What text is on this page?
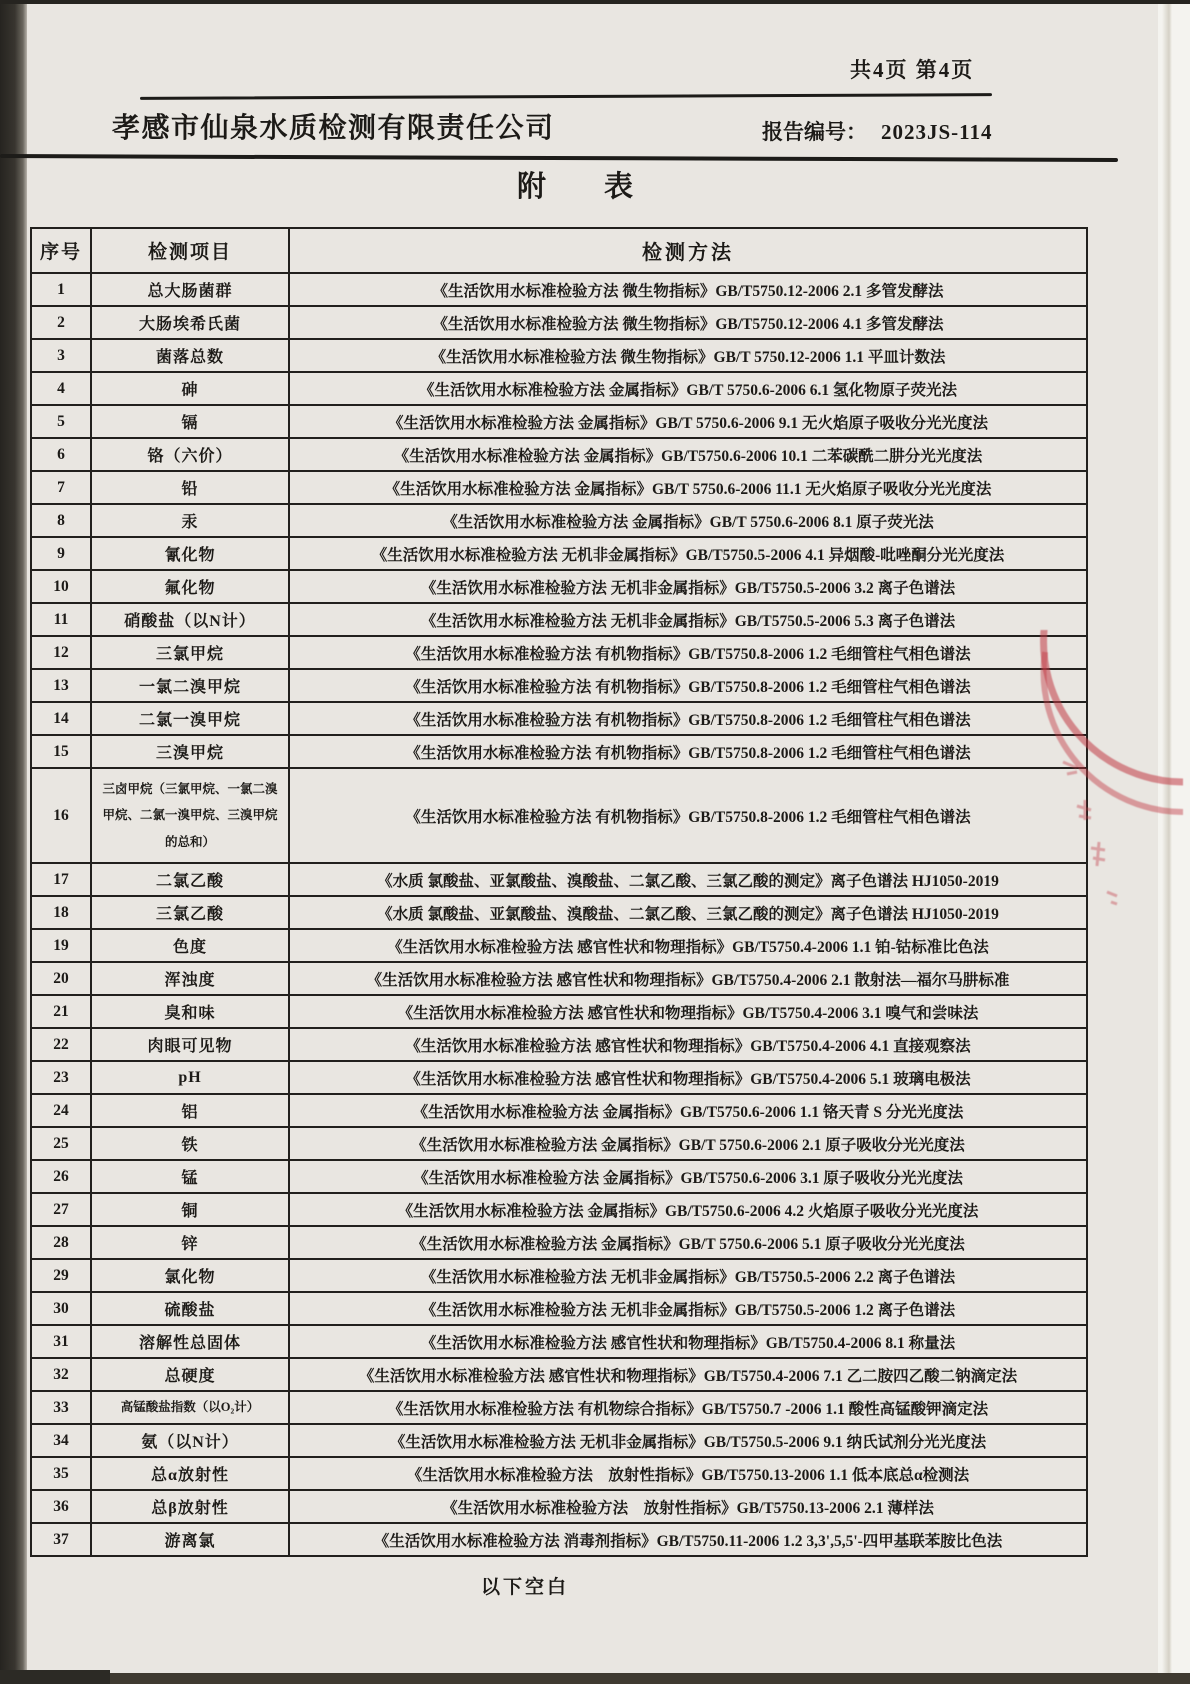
共4页 第4页
孝感市仙泉水质检测有限责任公司	报告编号： 2023JS-114
附　　表
序号	检测项目	检测方法
1	总大肠菌群	《生活饮用水标准检验方法 微生物指标》GB/T5750.12-2006 2.1 多管发酵法
2	大肠埃希氏菌	《生活饮用水标准检验方法 微生物指标》GB/T5750.12-2006 4.1 多管发酵法
3	菌落总数	《生活饮用水标准检验方法 微生物指标》GB/T 5750.12-2006 1.1 平皿计数法
4	砷	《生活饮用水标准检验方法 金属指标》GB/T 5750.6-2006 6.1 氢化物原子荧光法
5	镉	《生活饮用水标准检验方法 金属指标》GB/T 5750.6-2006 9.1 无火焰原子吸收分光光度法
6	铬（六价）	《生活饮用水标准检验方法 金属指标》GB/T5750.6-2006 10.1 二苯碳酰二肼分光光度法
7	铅	《生活饮用水标准检验方法 金属指标》GB/T 5750.6-2006 11.1 无火焰原子吸收分光光度法
8	汞	《生活饮用水标准检验方法 金属指标》GB/T 5750.6-2006 8.1 原子荧光法
9	氰化物	《生活饮用水标准检验方法 无机非金属指标》GB/T5750.5-2006 4.1 异烟酸-吡唑酮分光光度法
10	氟化物	《生活饮用水标准检验方法 无机非金属指标》GB/T5750.5-2006 3.2 离子色谱法
11	硝酸盐（以N计）	《生活饮用水标准检验方法 无机非金属指标》GB/T5750.5-2006 5.3 离子色谱法
12	三氯甲烷	《生活饮用水标准检验方法 有机物指标》GB/T5750.8-2006 1.2 毛细管柱气相色谱法
13	一氯二溴甲烷	《生活饮用水标准检验方法 有机物指标》GB/T5750.8-2006 1.2 毛细管柱气相色谱法
14	二氯一溴甲烷	《生活饮用水标准检验方法 有机物指标》GB/T5750.8-2006 1.2 毛细管柱气相色谱法
15	三溴甲烷	《生活饮用水标准检验方法 有机物指标》GB/T5750.8-2006 1.2 毛细管柱气相色谱法
16	三卤甲烷（三氯甲烷、一氯二溴甲烷、二氯一溴甲烷、三溴甲烷的总和）	《生活饮用水标准检验方法 有机物指标》GB/T5750.8-2006 1.2 毛细管柱气相色谱法
17	二氯乙酸	《水质 氯酸盐、亚氯酸盐、溴酸盐、二氯乙酸、三氯乙酸的测定》离子色谱法 HJ1050-2019
18	三氯乙酸	《水质 氯酸盐、亚氯酸盐、溴酸盐、二氯乙酸、三氯乙酸的测定》离子色谱法 HJ1050-2019
19	色度	《生活饮用水标准检验方法 感官性状和物理指标》GB/T5750.4-2006 1.1 铂-钴标准比色法
20	浑浊度	《生活饮用水标准检验方法 感官性状和物理指标》GB/T5750.4-2006 2.1 散射法—福尔马肼标准
21	臭和味	《生活饮用水标准检验方法 感官性状和物理指标》GB/T5750.4-2006 3.1 嗅气和尝味法
22	肉眼可见物	《生活饮用水标准检验方法 感官性状和物理指标》GB/T5750.4-2006 4.1 直接观察法
23	pH	《生活饮用水标准检验方法 感官性状和物理指标》GB/T5750.4-2006 5.1 玻璃电极法
24	铝	《生活饮用水标准检验方法 金属指标》GB/T5750.6-2006 1.1 铬天青 S 分光光度法
25	铁	《生活饮用水标准检验方法 金属指标》GB/T 5750.6-2006 2.1 原子吸收分光光度法
26	锰	《生活饮用水标准检验方法 金属指标》GB/T5750.6-2006 3.1 原子吸收分光光度法
27	铜	《生活饮用水标准检验方法 金属指标》GB/T5750.6-2006 4.2 火焰原子吸收分光光度法
28	锌	《生活饮用水标准检验方法 金属指标》GB/T 5750.6-2006 5.1 原子吸收分光光度法
29	氯化物	《生活饮用水标准检验方法 无机非金属指标》GB/T5750.5-2006 2.2 离子色谱法
30	硫酸盐	《生活饮用水标准检验方法 无机非金属指标》GB/T5750.5-2006 1.2 离子色谱法
31	溶解性总固体	《生活饮用水标准检验方法 感官性状和物理指标》GB/T5750.4-2006 8.1 称量法
32	总硬度	《生活饮用水标准检验方法 感官性状和物理指标》GB/T5750.4-2006 7.1 乙二胺四乙酸二钠滴定法
33	高锰酸盐指数（以O₂计）	《生活饮用水标准检验方法 有机物综合指标》GB/T5750.7 -2006 1.1 酸性高锰酸钾滴定法
34	氨（以N计）	《生活饮用水标准检验方法 无机非金属指标》GB/T5750.5-2006 9.1 纳氏试剂分光光度法
35	总α放射性	《生活饮用水标准检验方法　放射性指标》GB/T5750.13-2006 1.1 低本底总α检测法
36	总β放射性	《生活饮用水标准检验方法　放射性指标》GB/T5750.13-2006 2.1 薄样法
37	游离氯	《生活饮用水标准检验方法 消毒剂指标》GB/T5750.11-2006 1.2 3,3',5,5'-四甲基联苯胺比色法
以下空白
